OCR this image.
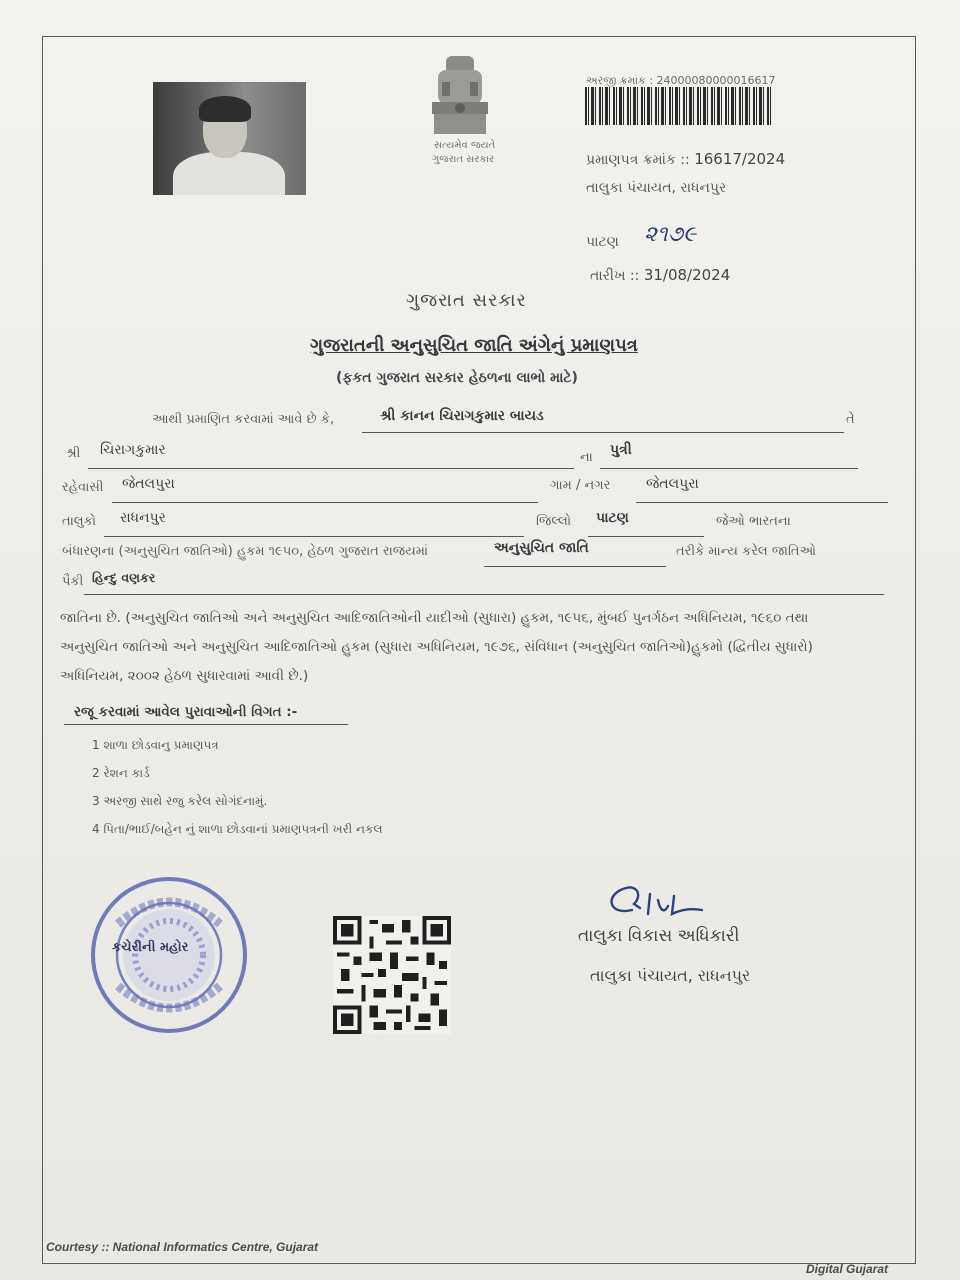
સત્યમેવ જયતે
ગુજરાત સરકાર
અરજી ક્રમાંક : 24000080000016617
પ્રમાણપત્ર ક્રમાંક :: 16617/2024
તાલુકા પંચાયત, રાધનપુર
પાટણ ૨૧૭૯
તારીખ :: 31/08/2024
ગુજરાત સરકાર
ગુજરાતની અનુસુચિત જાતિ અંગેનું પ્રમાણપત્ર
(ફકત ગુજરાત સરકાર હેઠળના લાભો માટે)
આથી પ્રમાણિત કરવામાં આવે છે કે,	શ્રી કાનન ચિરાગકુમાર બાયડ	તે
શ્રી ચિરાગકુમાર	ના પુત્રી
રહેવાસી જેતલપુરા	ગામ / નગર	જેતલપુરા
તાલુકો રાધનપુર	જિલ્લો પાટણ	જેઓ ભારતના
બંધારણના (અનુસુચિત જાતિઓ) હુકમ ૧૯૫૦, હેઠળ ગુજરાત રાજયમાં	અનુસુચિત જાતિ	તરીકે માન્ય કરેલ જાતિઓ
પૈકી હિન્દુ વણકર
જાતિના છે. (અનુસુચિત જાતિઓ અને અનુસુચિત આદિજાતિઓની યાદીઓ (સુધારા) હુકમ, ૧૯૫૬, મુંબઈ પુનર્ગઠન અધિનિયમ, ૧૯૬૦ તથા
અનુસુચિત જાતિઓ અને અનુસુચિત આદિજાતિઓ હુકમ (સુધારા અધિનિયમ, ૧૯૭૬, સંવિધાન (અનુસુચિત જાતિઓ)હુકમો (દ્વિતીય સુધારો)
અધિનિયમ, ૨૦૦૨ હેઠળ સુધારવામાં આવી છે.)
રજૂ કરવામાં આવેલ પુરાવાઓની વિગત :-
1 શાળા છોડવાનુ પ્રમાણપત્ર
2 રેશન કાર્ડ
3 અરજી સાથે રજુ કરેલ સોગંદનામું.
4 પિતા/ભાઈ/બહેન નું શાળા છોડવાનાં પ્રમાણપત્રની ખરી નકલ
કચેરીની મહોર
તાલુકા વિકાસ અધિકારી
તાલુકા પંચાયત, રાધનપુર
Courtesy :: National Informatics Centre, Gujarat
Digital Gujarat
